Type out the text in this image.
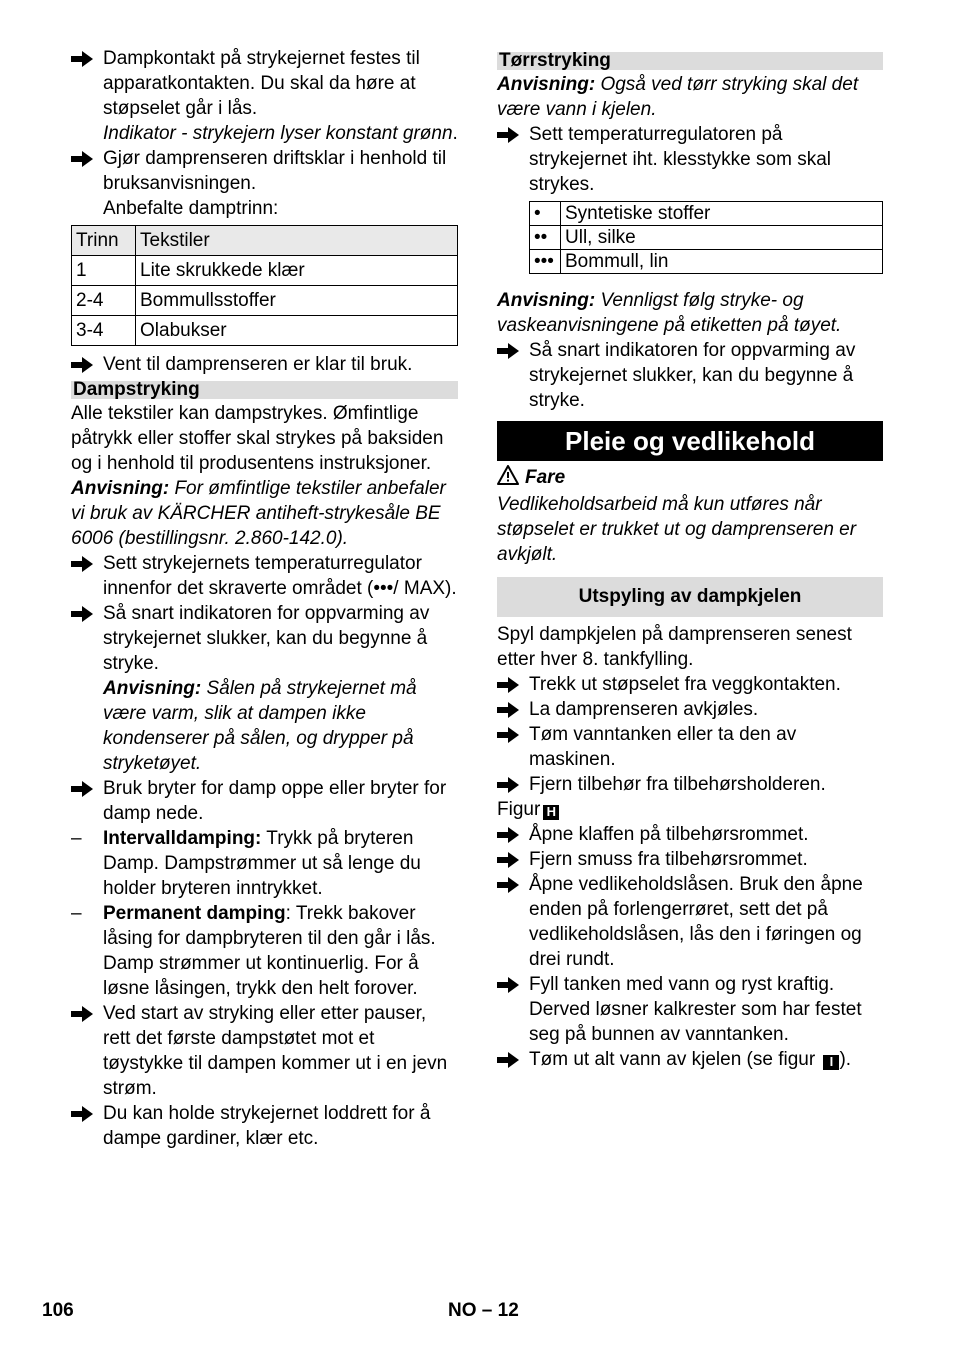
Dampkontakt på strykejernet festes til apparatkontakten. Du skal da høre at støpselet går i lås.

Indikator - strykejern lyser konstant grønn.

Gjør damprenseren driftsklar i henhold til bruksanvisningen.

Anbefalte damptrinn:

Trinn	Tekstiler
1	Lite skrukkede klær
2-4	Bommullsstoffer
3-4	Olabukser

Vent til damprenseren er klar til bruk.

Dampstryking

Alle tekstiler kan dampstrykes. Ømfintlige påtrykk eller stoffer skal strykes på baksiden og i henhold til produsentens instruksjoner.

Anvisning: For ømfintlige tekstiler anbefaler vi bruk av KÄRCHER antiheft-strykesåle BE 6006 (bestillingsnr. 2.860-142.0).

Sett strykejernets temperaturregulator innenfor det skraverte området (•••/ MAX).

Så snart indikatoren for oppvarming av strykejernet slukker, kan du begynne å stryke.

Anvisning: Sålen på strykejernet må være varm, slik at dampen ikke kondenserer på sålen, og drypper på stryketøyet.

Bruk bryter for damp oppe eller bryter for damp nede.

– Intervalldamping: Trykk på bryteren Damp. Dampstrømmer ut så lenge du holder bryteren inntrykket.

– Permanent damping: Trekk bakover låsing for dampbryteren til den går i lås. Damp strømmer ut kontinuerlig. For å løsne låsingen, trykk den helt forover.

Ved start av stryking eller etter pauser, rett det første dampstøtet mot et tøystykke til dampen kommer ut i en jevn strøm.

Du kan holde strykejernet loddrett for å dampe gardiner, klær etc.

Tørrstryking

Anvisning: Også ved tørr stryking skal det være vann i kjelen.

Sett temperaturregulatoren på strykejernet iht. klesstykke som skal strykes.

•	Syntetiske stoffer
••	Ull, silke
•••	Bommull, lin

Anvisning: Vennligst følg stryke- og vaskeanvisningene på etiketten på tøyet.

Så snart indikatoren for oppvarming av strykejernet slukker, kan du begynne å stryke.

Pleie og vedlikehold

Fare

Vedlikeholdsarbeid må kun utføres når støpselet er trukket ut og damprenseren er avkjølt.

Utspyling av dampkjelen

Spyl dampkjelen på damprenseren senest etter hver 8. tankfylling.

Trekk ut støpselet fra veggkontakten.

La damprenseren avkjøles.

Tøm vanntanken eller ta den av maskinen.

Fjern tilbehør fra tilbehørsholderen.

Figur H

Åpne klaffen på tilbehørsrommet.

Fjern smuss fra tilbehørsrommet.

Åpne vedlikeholdslåsen. Bruk den åpne enden på forlengerrøret, sett det på vedlikeholdslåsen, lås den i føringen og drei rundt.

Fyll tanken med vann og ryst kraftig. Derved løsner kalkrester som har festet seg på bunnen av vanntanken.

Tøm ut alt vann av kjelen (se figur I ).

106	NO – 12
